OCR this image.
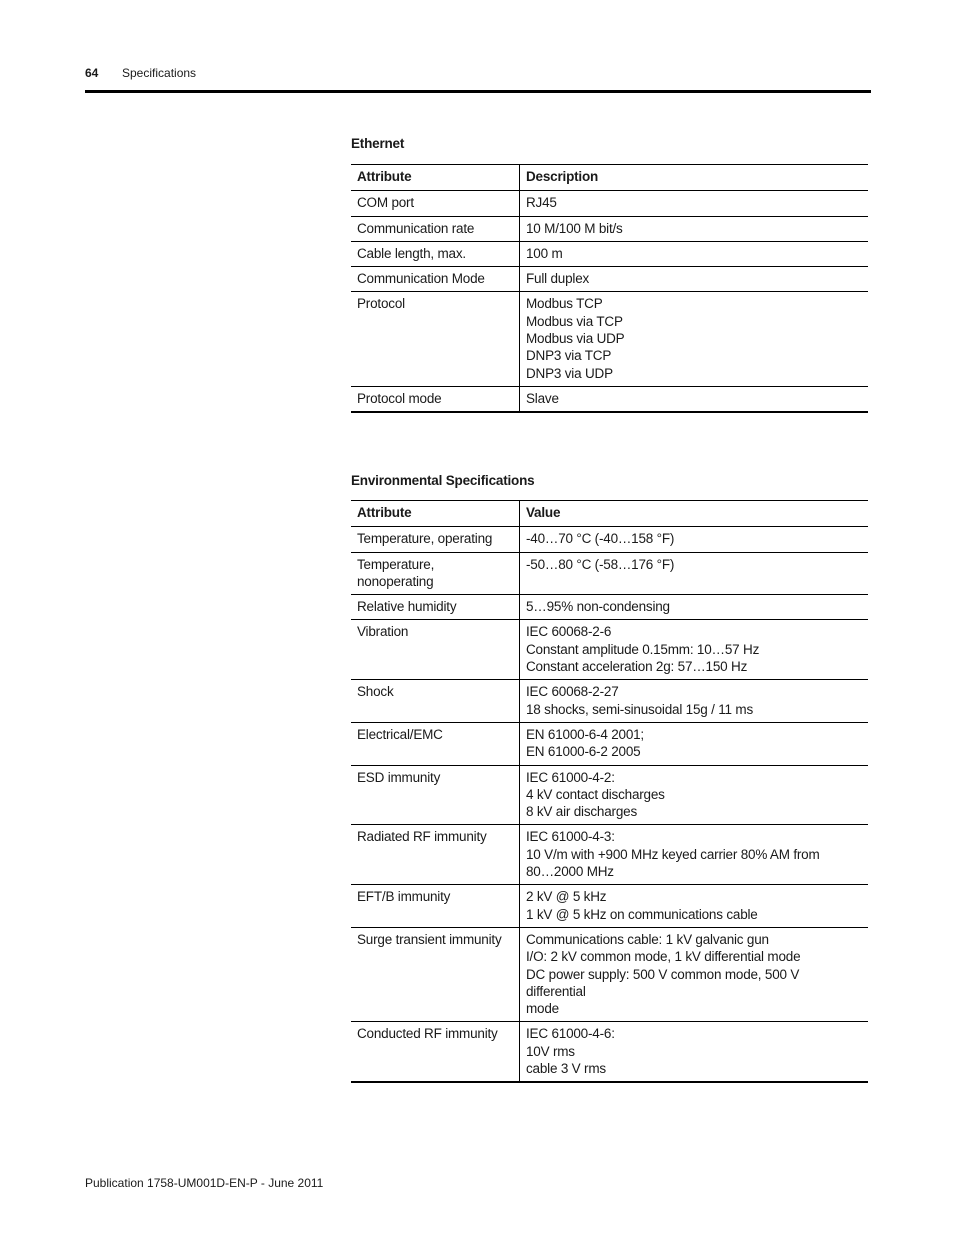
64 Specifications
Ethernet
Attribute	Description
COM port	RJ45

Communication rate	10 M/100 M bit/s

Cable length, max.	100 m

Communication Mode	Full duplex

Protocol	Modbus TCP
Modbus via TCP
Modbus via UDP
DNP3 via TCP
DNP3 via UDP

Protocol mode	Slave
Environmental Specifications
Attribute	Value
Temperature, operating	-40…70 °C (-40…158 °F)

Temperature, nonoperating	-50…80 °C (-58…176 °F)

Relative humidity	5…95% non-condensing

Vibration	IEC 60068-2-6
Constant amplitude 0.15mm: 10…57 Hz
Constant acceleration 2g: 57…150 Hz

Shock	IEC 60068-2-27
18 shocks, semi-sinusoidal 15g / 11 ms

Electrical/EMC	EN 61000-6-4 2001;
EN 61000-6-2 2005

ESD immunity	IEC 61000-4-2:
4 kV contact discharges
8 kV air discharges

Radiated RF immunity	IEC 61000-4-3:
10 V/m with +900 MHz keyed carrier 80% AM from
80…2000 MHz

EFT/B immunity	2 kV @ 5 kHz
1 kV @ 5 kHz on communications cable

Surge transient immunity	Communications cable: 1 kV galvanic gun
I/O: 2 kV common mode, 1 kV differential mode
DC power supply: 500 V common mode, 500 V differential
mode

Conducted RF immunity	IEC 61000-4-6:
10V rms
cable 3 V rms
Publication 1758-UM001D-EN-P - June 2011
